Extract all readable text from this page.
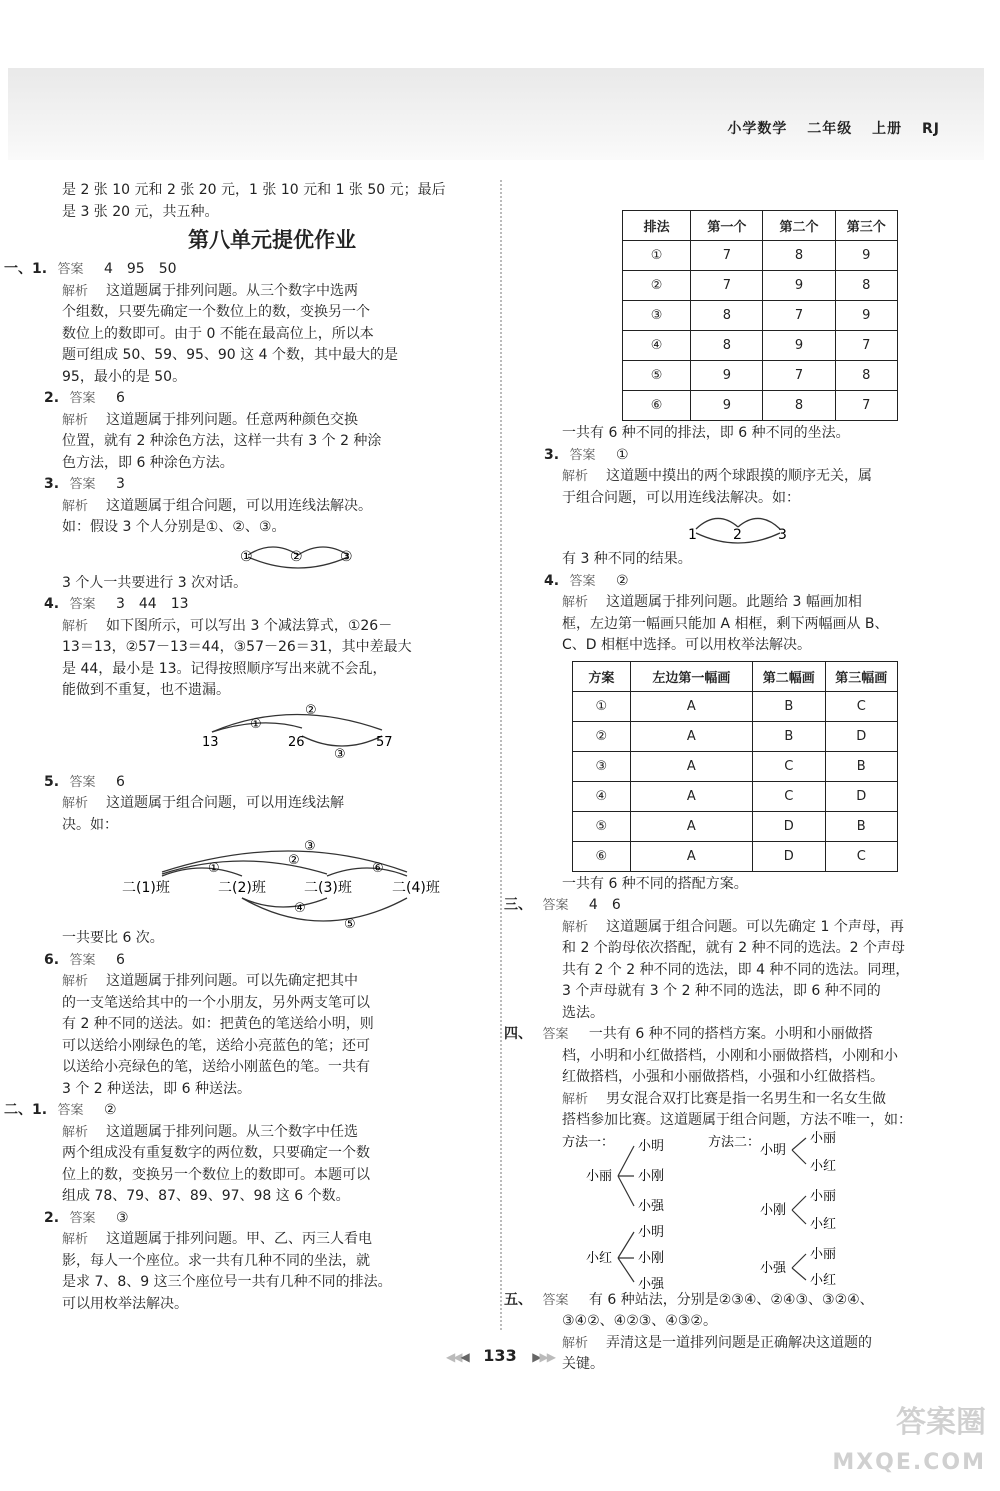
小学数学 二年级 上册 RJ
是 2 张 10 元和 2 张 20 元，1 张 10 元和 1 张 50 元；最后
是 3 张 20 元，共五种。
第八单元提优作业
一、1. 答案 4　95　50
解析 这道题属于排列问题。从三个数字中选两
个组数，只要先确定一个数位上的数，变换另一个
数位上的数即可。由于 0 不能在最高位上，所以本
题可组成 50、59、95、90 这 4 个数，其中最大的是
95，最小的是 50。
2. 答案 6
解析 这道题属于排列问题。任意两种颜色交换
位置，就有 2 种涂色方法，这样一共有 3 个 2 种涂
色方法，即 6 种涂色方法。
3. 答案 3
解析 这道题属于组合问题，可以用连线法解决。
如：假设 3 个人分别是①、②、③。
①	②	③
3 个人一共要进行 3 次对话。
4. 答案 3　44　13
解析 如下图所示，可以写出 3 个减法算式，①26－
13＝13，②57－13＝44，③57－26＝31，其中差最大
是 44，最小是 13。记得按照顺序写出来就不会乱，
能做到不重复，也不遗漏。
①
②
③
13	26	57
5. 答案 6
解析 这道题属于组合问题，可以用连线法解
决。如：
①
②
③
④
⑤
⑥
二(1)班	二(2)班	二(3)班	二(4)班
一共要比 6 次。
6. 答案 6
解析 这道题属于排列问题。可以先确定把其中
的一支笔送给其中的一个小朋友，另外两支笔可以
有 2 种不同的送法。如：把黄色的笔送给小明，则
可以送给小刚绿色的笔，送给小亮蓝色的笔；还可
以送给小亮绿色的笔，送给小刚蓝色的笔。一共有
3 个 2 种送法，即 6 种送法。
二、1. 答案 ②
解析 这道题属于排列问题。从三个数字中任选
两个组成没有重复数字的两位数，只要确定一个数
位上的数，变换另一个数位上的数即可。本题可以
组成 78、79、87、89、97、98 这 6 个数。
2. 答案 ③
解析 这道题属于排列问题。甲、乙、丙三人看电
影，每人一个座位。求一共有几种不同的坐法，就
是求 7、8、9 这三个座位号一共有几种不同的排法。
可以用枚举法解决。
排法	第一个	第二个	第三个
①	7	8	9
②	7	9	8
③	8	7	9
④	8	9	7
⑤	9	7	8
⑥	9	8	7
一共有 6 种不同的排法，即 6 种不同的坐法。
3. 答案 ①
解析 这道题中摸出的两个球跟摸的顺序无关，属
于组合问题，可以用连线法解决。如：
1	2	3
有 3 种不同的结果。
4. 答案 ②
解析 这道题属于排列问题。此题给 3 幅画加相
框，左边第一幅画只能加 A 相框，剩下两幅画从 B、
C、D 相框中选择。可以用枚举法解决。
方案	左边第一幅画	第二幅画	第三幅画
①	A	B	C
②	A	B	D
③	A	C	B
④	A	C	D
⑤	A	D	B
⑥	A	D	C
一共有 6 种不同的搭配方案。
三、 答案 4　6
解析 这道题属于组合问题。可以先确定 1 个声母，再
和 2 个韵母依次搭配，就有 2 种不同的选法。2 个声母
共有 2 个 2 种不同的选法，即 4 种不同的选法。同理，
3 个声母就有 3 个 2 种不同的选法，即 6 种不同的
选法。
四、 答案 一共有 6 种不同的搭档方案。小明和小丽做搭
档，小明和小红做搭档，小刚和小丽做搭档，小刚和小
红做搭档，小强和小丽做搭档，小强和小红做搭档。
解析 男女混合双打比赛是指一名男生和一名女生做
搭档参加比赛。这道题属于组合问题，方法不唯一，如：
方法一：	方法二：
小丽
小明
小刚
小强
小红
小明
小刚
小强
小明
小丽
小红
小刚
小丽
小红
小强
小丽
小红
五、 答案 有 6 种站法，分别是②③④、②④③、③②④、
③④②、④②③、④③②。
解析 弄清这是一道排列问题是正确解决这道题的
关键。
◀◀◀ 133 ▶▶▶
答案圈
MXQE.COM
